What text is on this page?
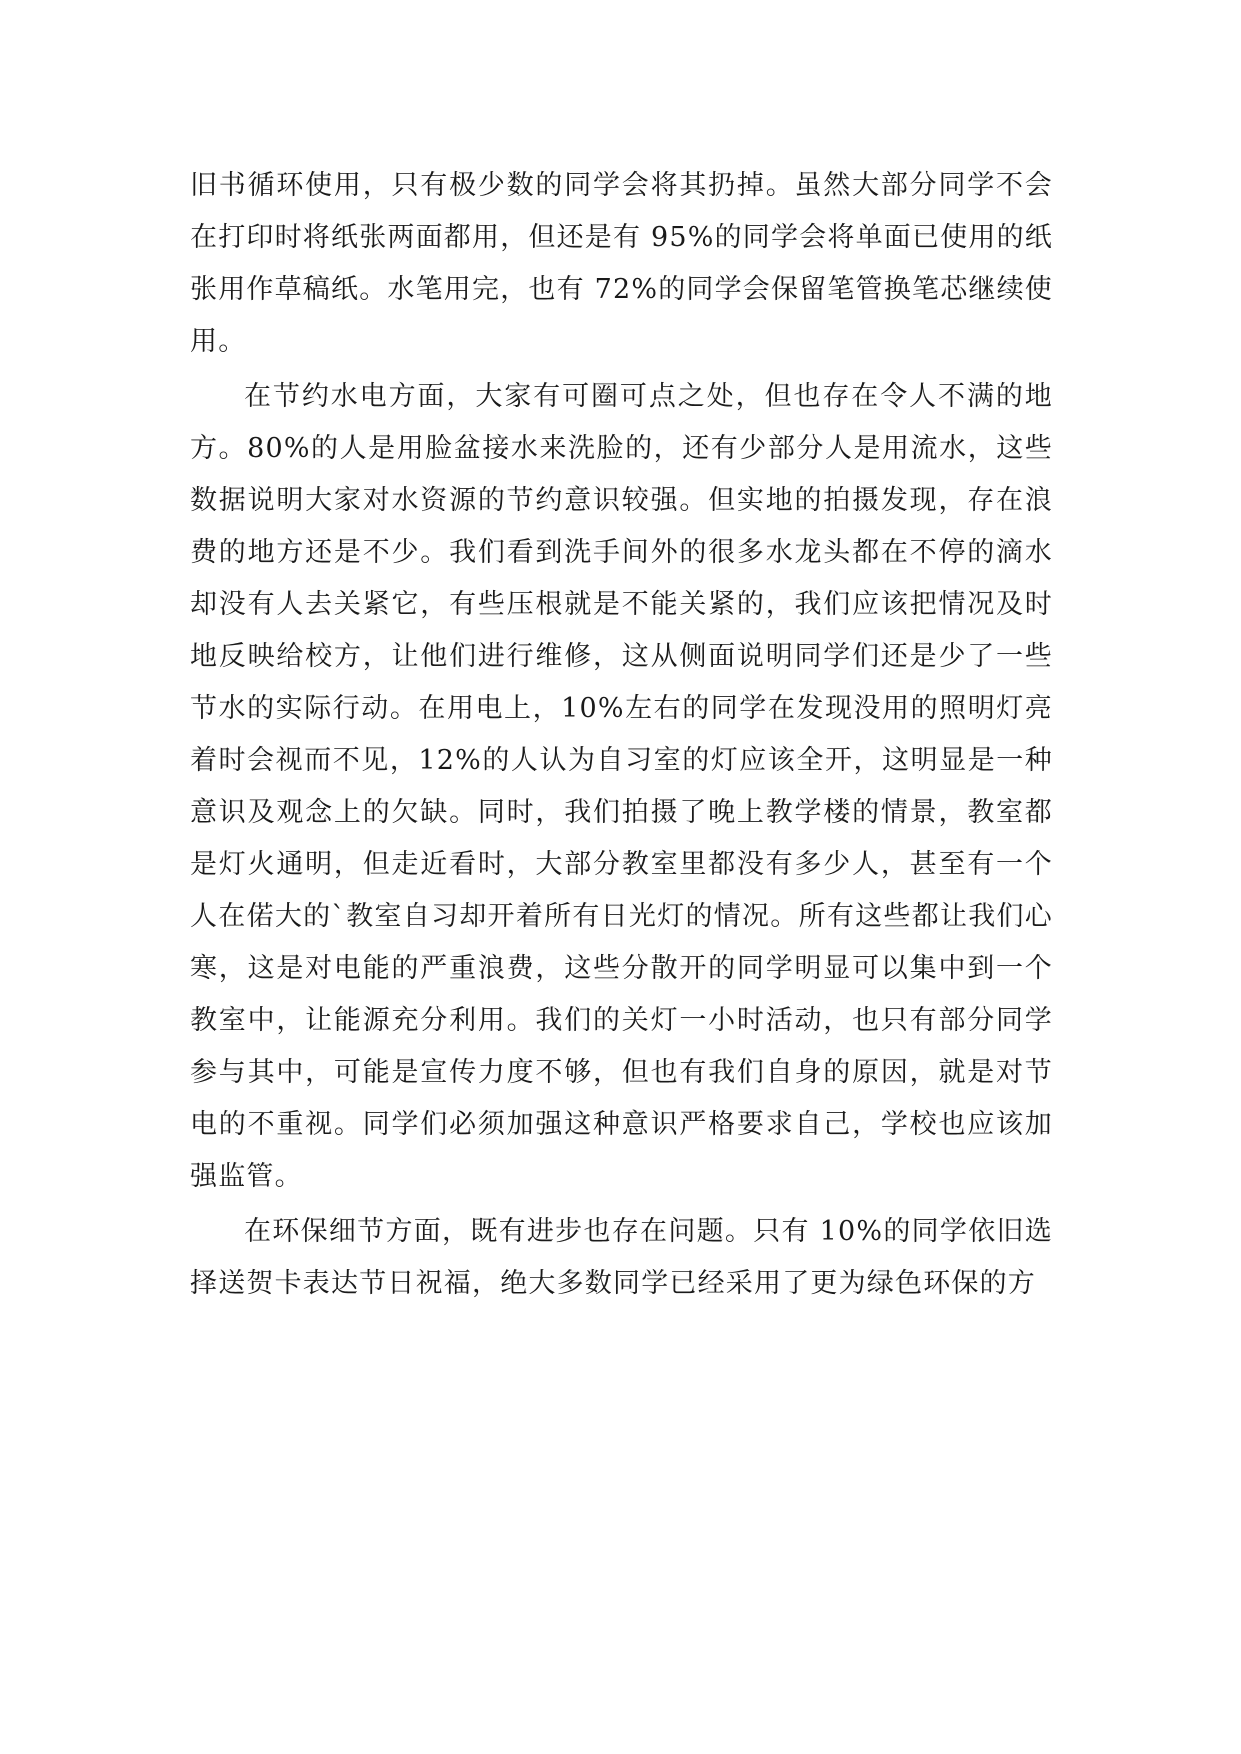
旧书循环使用，只有极少数的同学会将其扔掉。虽然大部分同学不会在打印时将纸张两面都用，但还是有 95%的同学会将单面已使用的纸张用作草稿纸。水笔用完，也有 72%的同学会保留笔管换笔芯继续使用。

在节约水电方面，大家有可圈可点之处，但也存在令人不满的地方。80%的人是用脸盆接水来洗脸的，还有少部分人是用流水，这些数据说明大家对水资源的节约意识较强。但实地的拍摄发现，存在浪费的地方还是不少。我们看到洗手间外的很多水龙头都在不停的滴水却没有人去关紧它，有些压根就是不能关紧的，我们应该把情况及时地反映给校方，让他们进行维修，这从侧面说明同学们还是少了一些节水的实际行动。在用电上，10%左右的同学在发现没用的照明灯亮着时会视而不见，12%的人认为自习室的灯应该全开，这明显是一种意识及观念上的欠缺。同时，我们拍摄了晚上教学楼的情景，教室都是灯火通明，但走近看时，大部分教室里都没有多少人，甚至有一个人在偌大的`教室自习却开着所有日光灯的情况。所有这些都让我们心寒，这是对电能的严重浪费，这些分散开的同学明显可以集中到一个教室中，让能源充分利用。我们的关灯一小时活动，也只有部分同学参与其中，可能是宣传力度不够，但也有我们自身的原因，就是对节电的不重视。同学们必须加强这种意识严格要求自己，学校也应该加强监管。

在环保细节方面，既有进步也存在问题。只有 10%的同学依旧选择送贺卡表达节日祝福，绝大多数同学已经采用了更为绿色环保的方
